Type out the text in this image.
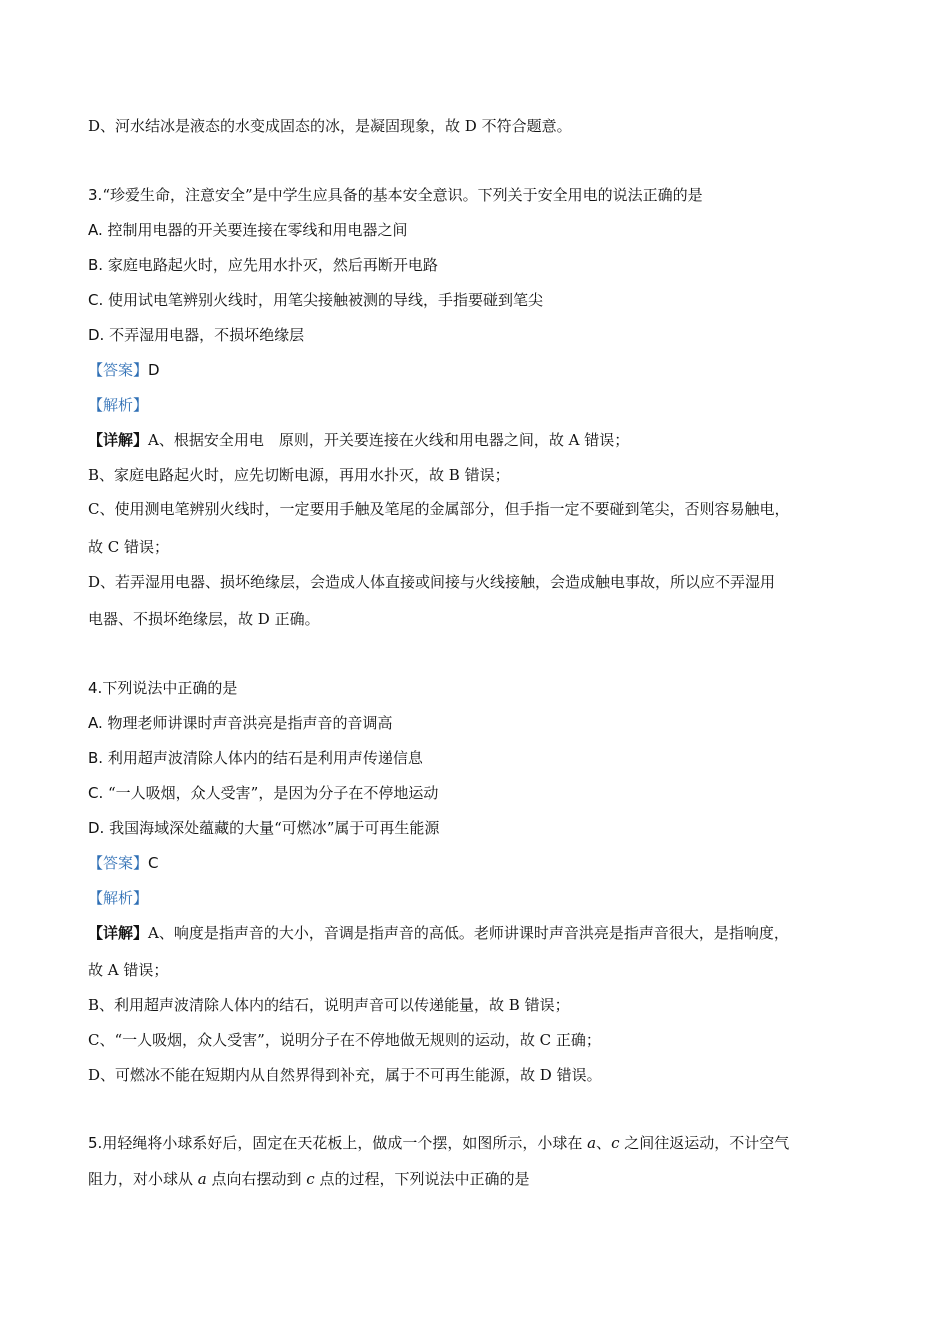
D、河水结冰是液态的水变成固态的冰，是凝固现象，故 D 不符合题意。
3.“珍爱生命，注意安全”是中学生应具备的基本安全意识。下列关于安全用电的说法正确的是
A. 控制用电器的开关要连接在零线和用电器之间
B. 家庭电路起火时，应先用水扑灭，然后再断开电路
C. 使用试电笔辨别火线时，用笔尖接触被测的导线，手指要碰到笔尖
D. 不弄湿用电器，不损坏绝缘层
【答案】D
【解析】
【详解】A、根据安全用电　原则，开关要连接在火线和用电器之间，故 A 错误；
B、家庭电路起火时，应先切断电源，再用水扑灭，故 B 错误；
C、使用测电笔辨别火线时，一定要用手触及笔尾的金属部分，但手指一定不要碰到笔尖，否则容易触电，
故 C 错误；
D、若弄湿用电器、损坏绝缘层，会造成人体直接或间接与火线接触，会造成触电事故，所以应不弄湿用
电器、不损坏绝缘层，故 D 正确。
4.下列说法中正确的是
A. 物理老师讲课时声音洪亮是指声音的音调高
B. 利用超声波清除人体内的结石是利用声传递信息
C. “一人吸烟，众人受害”，是因为分子在不停地运动
D. 我国海域深处蕴藏的大量“可燃冰”属于可再生能源
【答案】C
【解析】
【详解】A、响度是指声音的大小，音调是指声音的高低。老师讲课时声音洪亮是指声音很大，是指响度，
故 A 错误；
B、利用超声波清除人体内的结石，说明声音可以传递能量，故 B 错误；
C、“一人吸烟，众人受害”，说明分子在不停地做无规则的运动，故 C 正确；
D、可燃冰不能在短期内从自然界得到补充，属于不可再生能源，故 D 错误。
5.用轻绳将小球系好后，固定在天花板上，做成一个摆，如图所示，小球在 a、c 之间往返运动，不计空气
阻力，对小球从 a 点向右摆动到 c 点的过程，下列说法中正确的是
